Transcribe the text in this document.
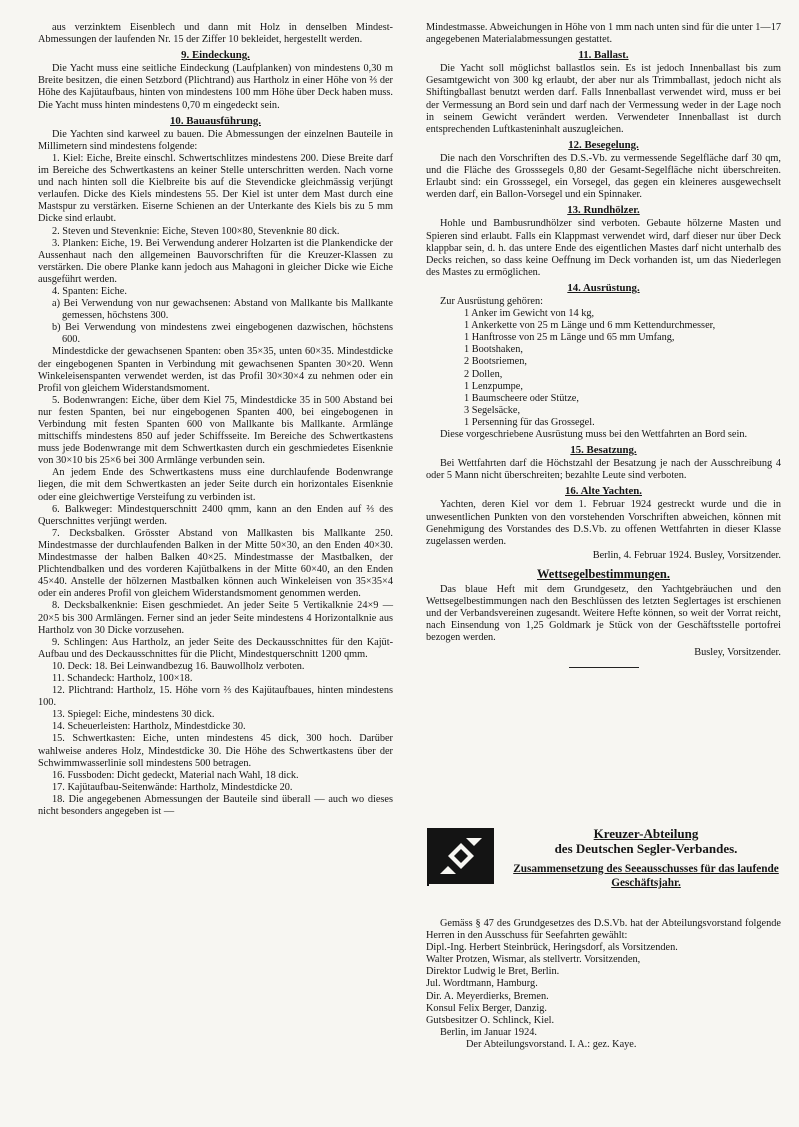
aus verzinktem Eisenblech und dann mit Holz in denselben Mindest-Abmessungen der laufenden Nr. 15 der Ziffer 10 bekleidet, hergestellt werden.

9. Eindeckung.

Die Yacht muss eine seitliche Eindeckung (Laufplanken) von mindestens 0,30 m Breite besitzen, die einen Setzbord (Plichtrand) aus Hartholz in einer Höhe von ⅔ der Höhe des Kajütaufbaus, hinten von mindestens 100 mm Höhe über Deck haben muss. Die Yacht muss hinten mindestens 0,70 m eingedeckt sein.

10. Bauausführung.

Die Yachten sind karweel zu bauen. Die Abmessungen der einzelnen Bauteile in Millimetern sind mindestens folgende:

1. Kiel: Eiche, Breite einschl. Schwertschlitzes mindestens 200. Diese Breite darf im Bereiche des Schwertkastens an keiner Stelle unterschritten werden. Nach vorne und nach hinten soll die Kielbreite bis auf die Stevendicke gleichmässig verjüngt verlaufen. Dicke des Kiels mindestens 55. Der Kiel ist unter dem Mast durch eine Mastspur zu verstärken. Eiserne Schienen an der Unterkante des Kiels bis zu 5 mm Dicke sind erlaubt.

2. Steven und Stevenknie: Eiche, Steven 100×80, Stevenknie 80 dick.

3. Planken: Eiche, 19. Bei Verwendung anderer Holzarten ist die Plankendicke der Aussenhaut nach den allgemeinen Bauvorschriften für die Kreuzer-Klassen zu verstärken. Die obere Planke kann jedoch aus Mahagoni in gleicher Dicke wie Eiche ausgeführt werden.

4. Spanten: Eiche.

a) Bei Verwendung von nur gewachsenen: Abstand von Mallkante bis Mallkante gemessen, höchstens 300.

b) Bei Verwendung von mindestens zwei eingebogenen dazwischen, höchstens 600.

Mindestdicke der gewachsenen Spanten: oben 35×35, unten 60×35. Mindestdicke der eingebogenen Spanten in Verbindung mit gewachsenen Spanten 30×20. Wenn Winkeleisenspanten verwendet werden, ist das Profil 30×30×4 zu nehmen oder ein Profil von gleichem Widerstandsmoment.

5. Bodenwrangen: Eiche, über dem Kiel 75, Mindestdicke 35 in 500 Abstand bei nur festen Spanten, bei nur eingebogenen Spanten 400, bei eingebogenen in Verbindung mit festen Spanten 600 von Mallkante bis Mallkante. Armlänge mittschiffs mindestens 850 auf jeder Schiffsseite. Im Bereiche des Schwertkastens muss jede Bodenwrange mit dem Schwertkasten durch ein geschmiedetes Eisenknie von 30×10 bis 25×6 bei 300 Armlänge verbunden sein.

An jedem Ende des Schwertkastens muss eine durchlaufende Bodenwrange liegen, die mit dem Schwertkasten an jeder Seite durch ein horizontales Eisenknie oder eine gleichwertige Versteifung zu verbinden ist.

6. Balkweger: Mindestquerschnitt 2400 qmm, kann an den Enden auf ⅔ des Querschnittes verjüngt werden.

7. Decksbalken. Grösster Abstand von Mallkasten bis Mallkante 250. Mindestmasse der durchlaufenden Balken in der Mitte 50×30, an den Enden 40×30. Mindestmasse der halben Balken 40×25. Mindestmasse der Mastbalken, der Plichtendbalken und des vorderen Kajütbalkens in der Mitte 60×40, an den Enden 45×40. Anstelle der hölzernen Mastbalken können auch Winkeleisen von 35×35×4 oder ein anderes Profil von gleichem Widerstandsmoment genommen werden.

8. Decksbalkenknie: Eisen geschmiedet. An jeder Seite 5 Vertikalknie 24×9 — 20×5 bis 300 Armlängen. Ferner sind an jeder Seite mindestens 4 Horizontalknie aus Hartholz von 30 Dicke vorzusehen.

9. Schlingen: Aus Hartholz, an jeder Seite des Deckausschnittes für den Kajüt-Aufbau und des Deckausschnittes für die Plicht, Mindestquerschnitt 1200 qmm.

10. Deck: 18. Bei Leinwandbezug 16. Bauwollholz verboten.

11. Schandeck: Hartholz, 100×18.

12. Plichtrand: Hartholz, 15. Höhe vorn ⅔ des Kajütaufbaues, hinten mindestens 100.

13. Spiegel: Eiche, mindestens 30 dick.

14. Scheuerleisten: Hartholz, Mindestdicke 30.

15. Schwertkasten: Eiche, unten mindestens 45 dick, 300 hoch. Darüber wahlweise anderes Holz, Mindestdicke 30. Die Höhe des Schwertkastens über der Schwimmwasserlinie soll mindestens 500 betragen.

16. Fussboden: Dicht gedeckt, Material nach Wahl, 18 dick.

17. Kajütaufbau-Seitenwände: Hartholz, Mindestdicke 20.

18. Die angegebenen Abmessungen der Bauteile sind überall — auch wo dieses nicht besonders angegeben ist —

Mindestmasse. Abweichungen in Höhe von 1 mm nach unten sind für die unter 1—17 angegebenen Materialabmessungen gestattet.

11. Ballast.

Die Yacht soll möglichst ballastlos sein. Es ist jedoch Innenballast bis zum Gesamtgewicht von 300 kg erlaubt, der aber nur als Trimmballast, jedoch nicht als Shiftingballast benutzt werden darf. Falls Innenballast verwendet wird, muss er bei der Vermessung an Bord sein und darf nach der Vermessung weder in der Lage noch in seinem Gewicht verändert werden. Verwendeter Innenballast ist durch entsprechenden Luftkasteninhalt auszugleichen.

12. Besegelung.

Die nach den Vorschriften des D.S.-Vb. zu vermessende Segelfläche darf 30 qm, und die Fläche des Grosssegels 0,80 der Gesamt-Segelfläche nicht überschreiten. Erlaubt sind: ein Grosssegel, ein Vorsegel, das gegen ein kleineres ausgewechselt werden darf, ein Ballon-Vorsegel und ein Spinnaker.

13. Rundhölzer.

Hohle und Bambusrundhölzer sind verboten. Gebaute hölzerne Masten und Spieren sind erlaubt. Falls ein Klappmast verwendet wird, darf dieser nur über Deck klappbar sein, d. h. das untere Ende des eigentlichen Mastes darf nicht unterhalb des Decks reichen, so dass keine Oeffnung im Deck vorhanden ist, um das Niederlegen des Mastes zu ermöglichen.

14. Ausrüstung.

Zur Ausrüstung gehören:

1 Anker im Gewicht von 14 kg,
1 Ankerkette von 25 m Länge und 6 mm Kettendurchmesser,
1 Hanftrosse von 25 m Länge und 65 mm Umfang,
1 Bootshaken,
2 Bootsriemen,
2 Dollen,
1 Lenzpumpe,
1 Baumscheere oder Stütze,
3 Segelsäcke,
1 Persenning für das Grossegel.

Diese vorgeschriebene Ausrüstung muss bei den Wettfahrten an Bord sein.

15. Besatzung.

Bei Wettfahrten darf die Höchstzahl der Besatzung je nach der Ausschreibung 4 oder 5 Mann nicht überschreiten; bezahlte Leute sind verboten.

16. Alte Yachten.

Yachten, deren Kiel vor dem 1. Februar 1924 gestreckt wurde und die in unwesentlichen Punkten von den vorstehenden Vorschriften abweichen, können mit Genehmigung des Vorstandes des D.S.Vb. zu offenen Wettfahrten in dieser Klasse zugelassen werden.

Berlin, 4. Februar 1924. Busley, Vorsitzender.

Wettsegelbestimmungen.

Das blaue Heft mit dem Grundgesetz, den Yachtgebräuchen und den Wettsegelbestimmungen nach den Beschlüssen des letzten Seglertages ist erschienen und der Verbandsvereinen zugesandt. Weitere Hefte können, so weit der Vorrat reicht, nach Einsendung von 1,25 Goldmark je Stück von der Geschäftsstelle portofrei bezogen werden.

Busley, Vorsitzender.

Kreuzer-Abteilung
des Deutschen Segler-Verbandes.
Zusammensetzung des Seeausschusses für das laufende Geschäftsjahr.

Gemäss § 47 des Grundgesetzes des D.S.Vb. hat der Abteilungsvorstand folgende Herren in den Ausschuss für Seefahrten gewählt:

Dipl.-Ing. Herbert Steinbrück, Heringsdorf, als Vorsitzenden.
Walter Protzen, Wismar, als stellvertr. Vorsitzenden,
Direktor Ludwig le Bret, Berlin.
Jul. Wordtmann, Hamburg.
Dir. A. Meyerdierks, Bremen.
Konsul Felix Berger, Danzig.
Gutsbesitzer O. Schlinck, Kiel.
Berlin, im Januar 1924.
Der Abteilungsvorstand. I. A.: gez. Kaye.
